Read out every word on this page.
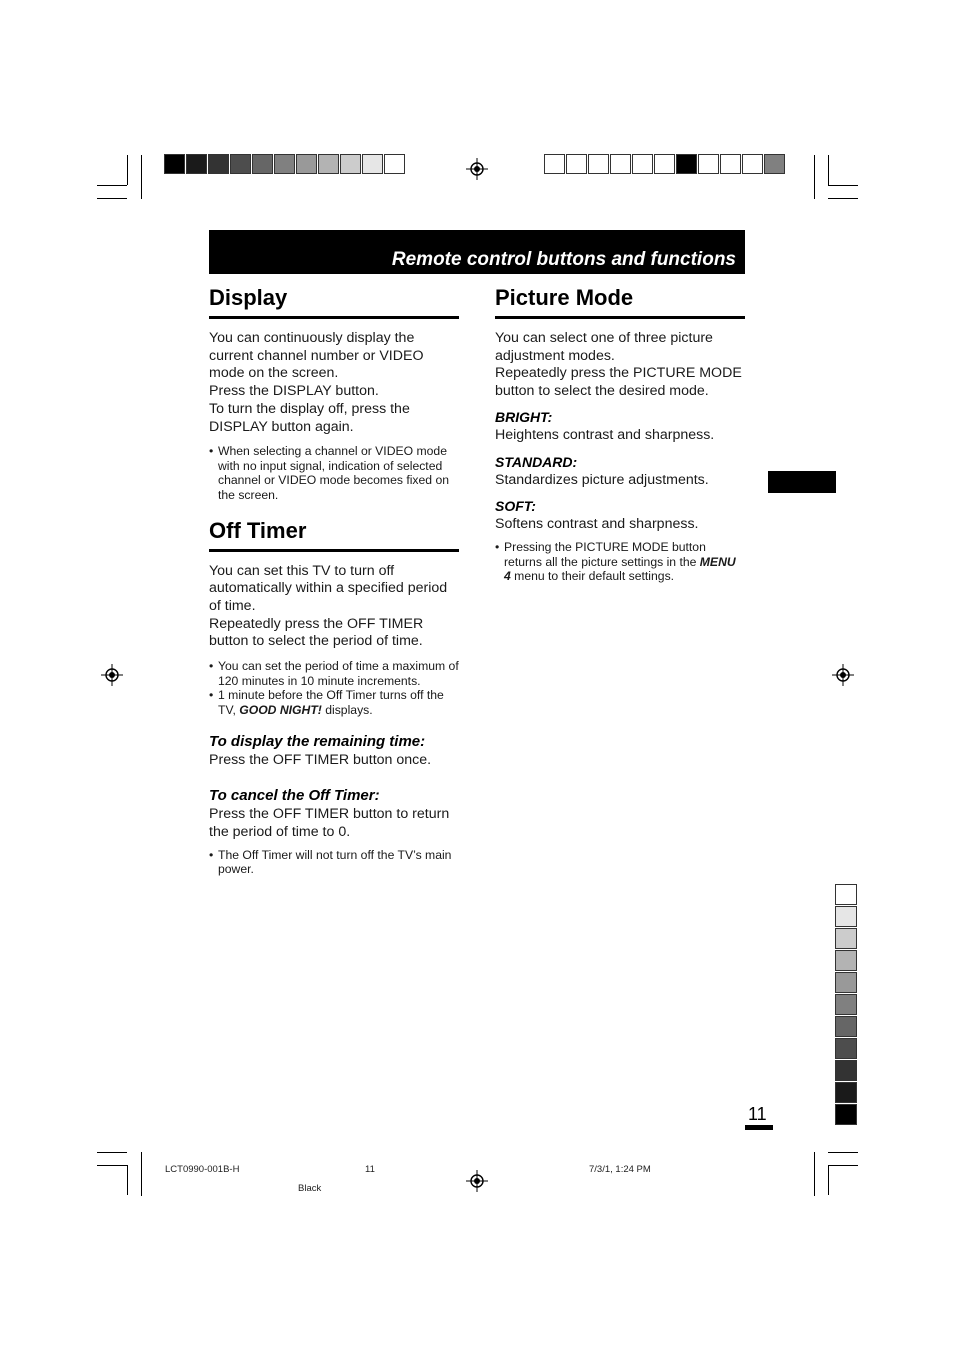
Remote control buttons and functions
Display

You can continuously display the current channel number or VIDEO mode on the screen.
Press the DISPLAY button.
To turn the display off, press the DISPLAY button again.

• When selecting a channel or VIDEO mode with no input signal, indication of selected channel or VIDEO mode becomes fixed on the screen.
Off Timer

You can set this TV to turn off automatically within a specified period of time.
Repeatedly press the OFF TIMER button to select the period of time.

• You can set the period of time a maximum of 120 minutes in 10 minute increments.
• 1 minute before the Off Timer turns off the TV, GOOD NIGHT! displays.

To display the remaining time:

Press the OFF TIMER button once.

To cancel the Off Timer:

Press the OFF TIMER button to return the period of time to 0.

• The Off Timer will not turn off the TV’s main power.
Picture Mode

You can select one of three picture adjustment modes.
Repeatedly press the PICTURE MODE button to select the desired mode.

BRIGHT:

Heightens contrast and sharpness.

STANDARD:

Standardizes picture adjustments.

SOFT:

Softens contrast and sharpness.

• Pressing the PICTURE MODE button returns all the picture settings in the MENU 4 menu to their default settings.
11
LCT0990-001B-H	11	7/3/1, 1:24 PM
Black
